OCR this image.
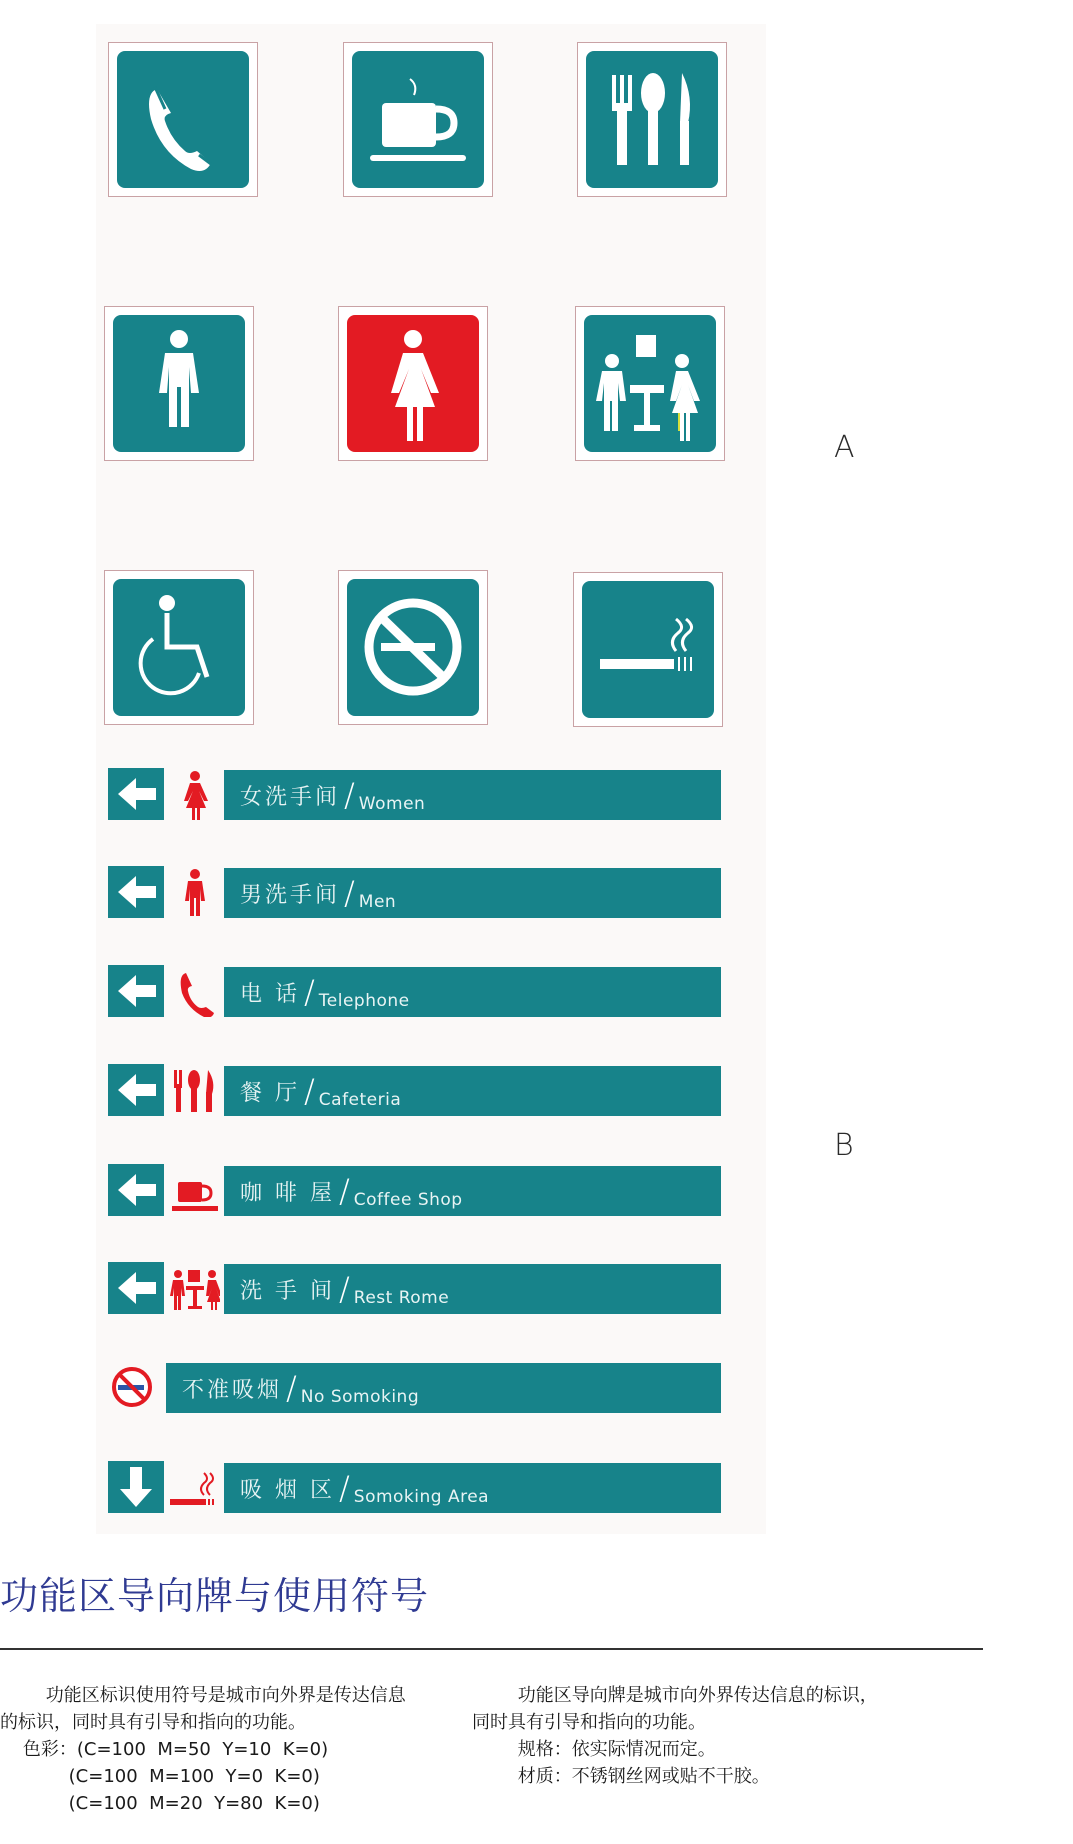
A
B
女洗手间 / Women
男洗手间 / Men
电 话 / Telephone
餐 厅 / Cafeteria
咖 啡 屋 / Coffee Shop
洗 手 间 / Rest Rome
不准吸烟 / No Somoking
吸 烟 区 / Somoking Area
功能区导向牌与使用符号

功能区标识使用符号是城市向外界是传达信息
的标识，同时具有引导和指向的功能。
色彩：(C=100  M=50  Y=10  K=0)
(C=100  M=100  Y=0  K=0)
(C=100  M=20  Y=80  K=0)

功能区导向牌是城市向外界传达信息的标识，
同时具有引导和指向的功能。
规格：依实际情况而定。
材质：不锈钢丝网或贴不干胶。
